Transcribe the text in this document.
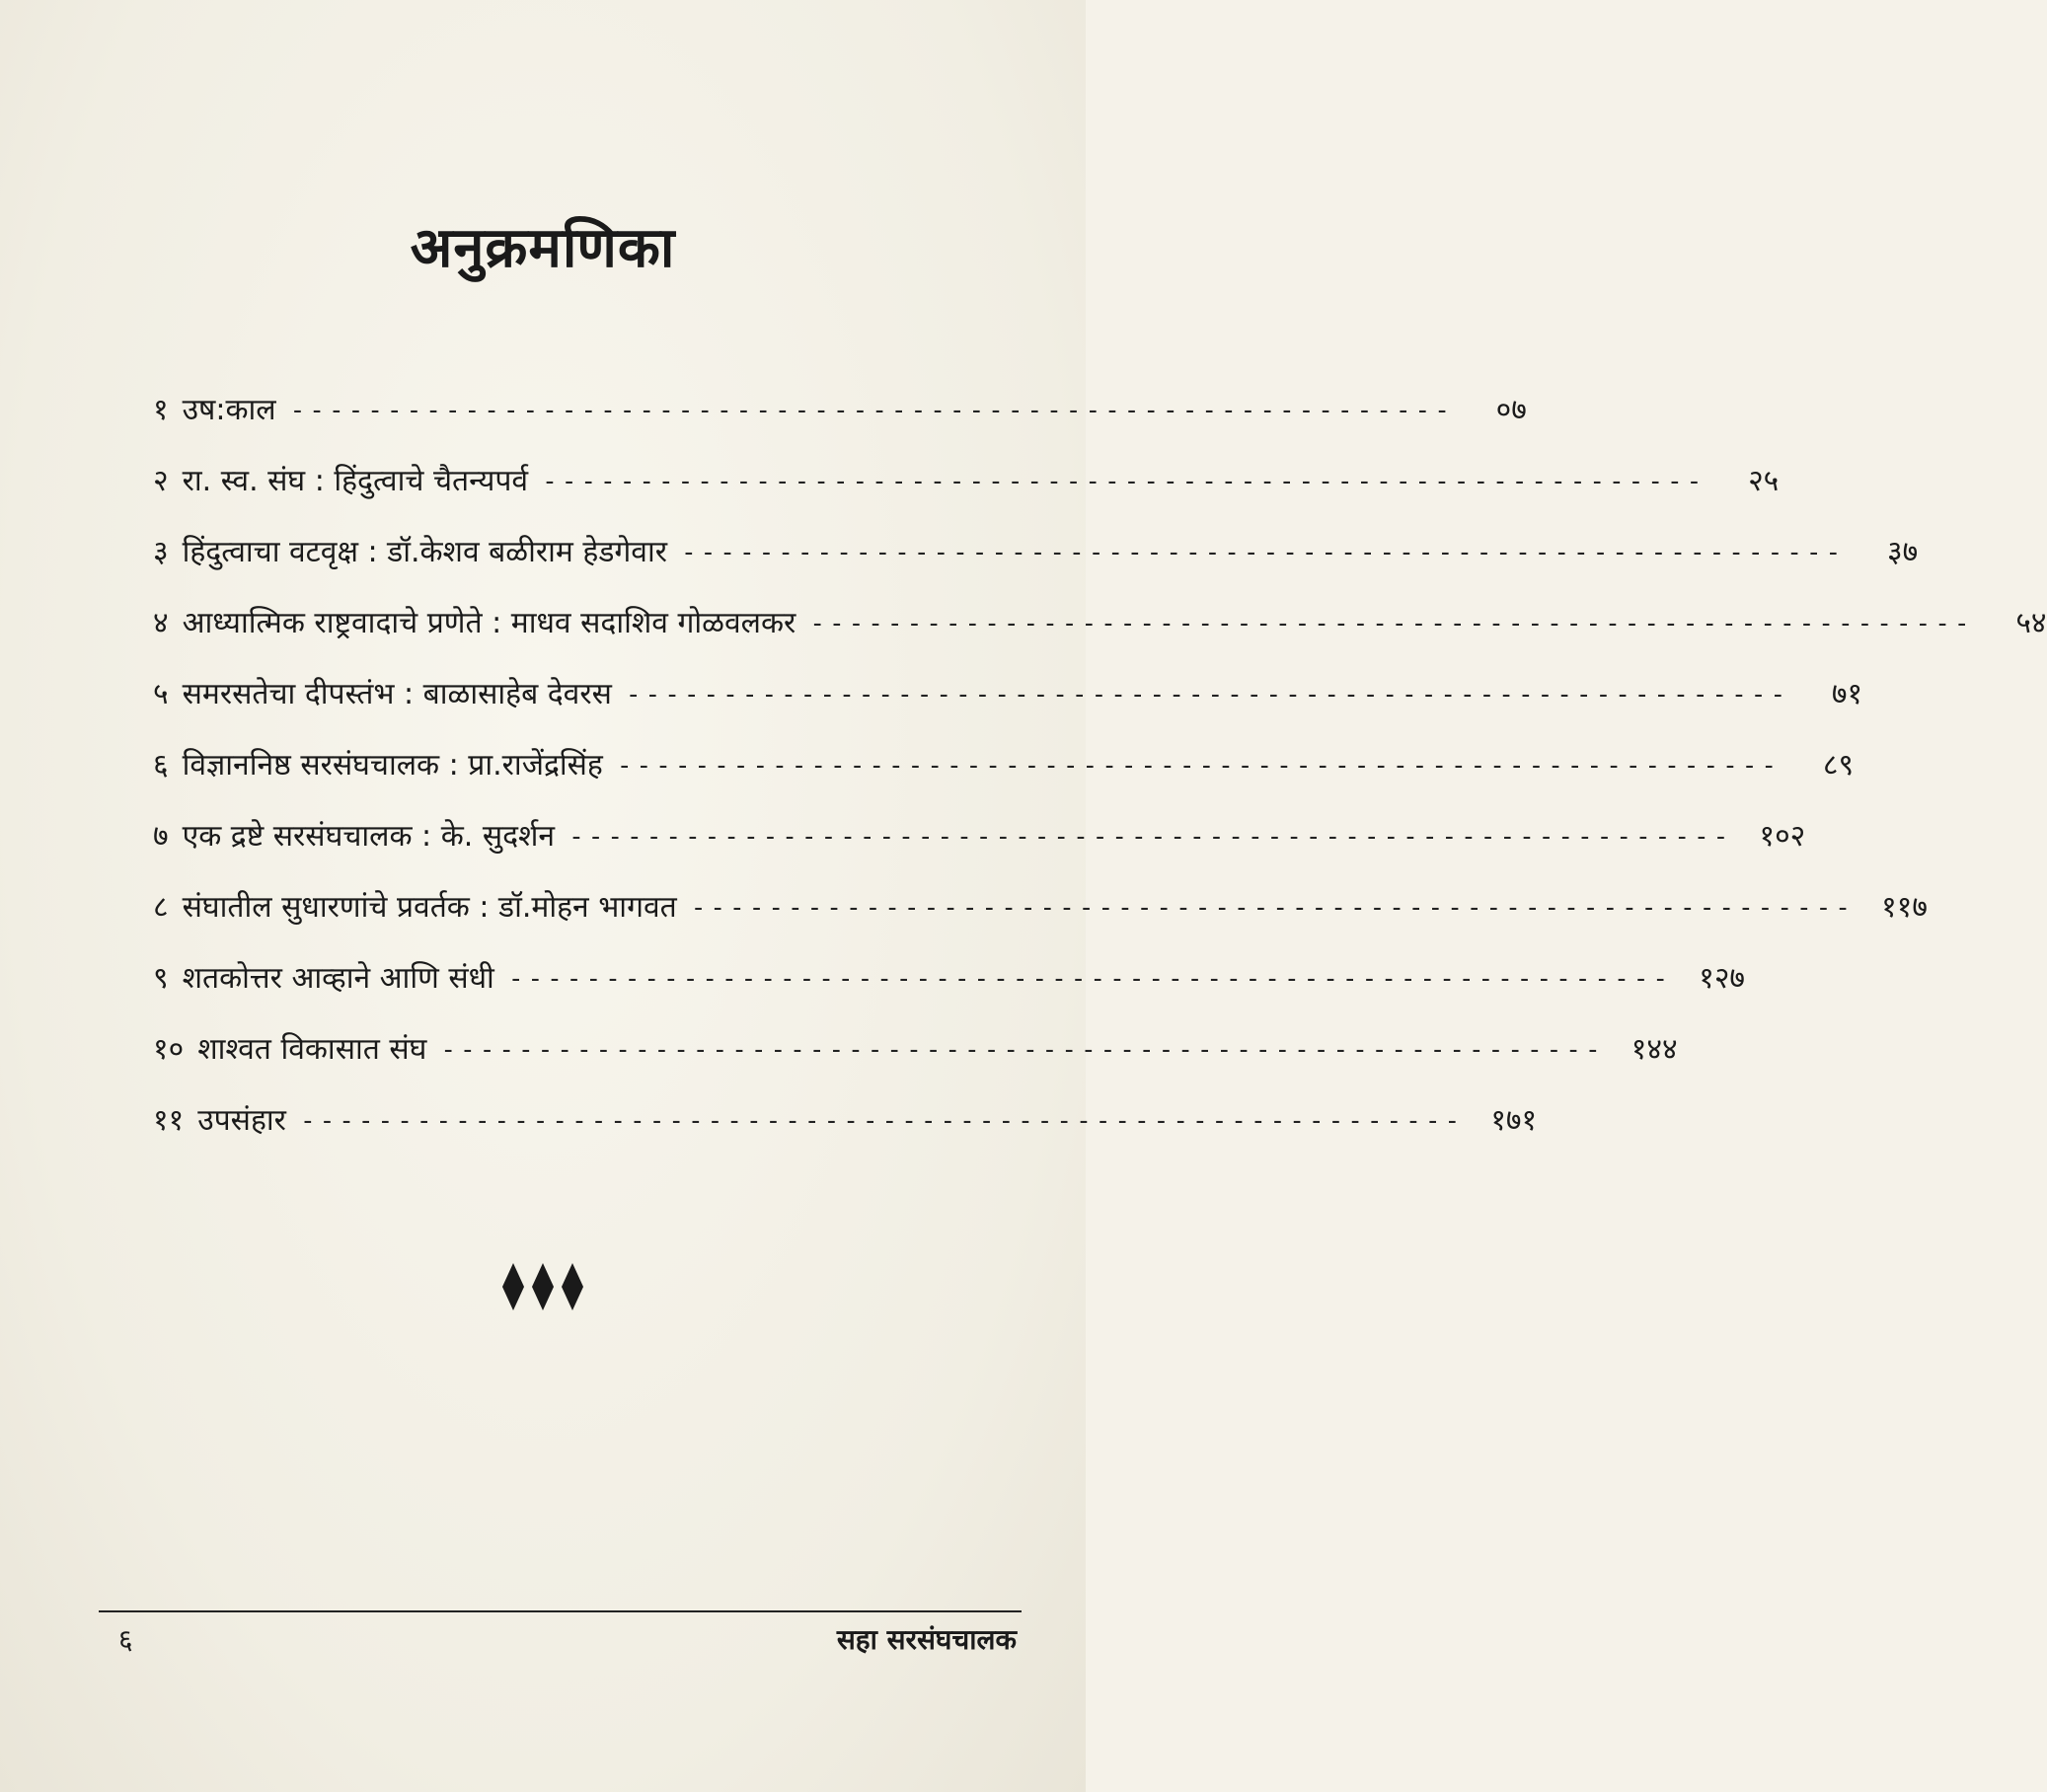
अनुक्रमणिका
१ उष:काल ------------------------------------------------------------	०७
२ रा. स्व. संघ : हिंदुत्वाचे चैतन्यपर्व ------------------------------------------------------------	२५
३ हिंदुत्वाचा वटवृक्ष : डॉ.केशव बळीराम हेडगेवार ------------------------------------------------------------	३७
४ आध्यात्मिक राष्ट्रवादाचे प्रणेते : माधव सदाशिव गोळवलकर ------------------------------------------------------------	५४
५ समरसतेचा दीपस्तंभ : बाळासाहेब देवरस ------------------------------------------------------------	७१
६ विज्ञाननिष्ठ सरसंघचालक : प्रा.राजेंद्रसिंह ------------------------------------------------------------	८९
७ एक द्रष्टे सरसंघचालक : के. सुदर्शन ------------------------------------------------------------ १०२
८ संघातील सुधारणांचे प्रवर्तक : डॉ.मोहन भागवत ------------------------------------------------------------ ११७
९ शतकोत्तर आव्हाने आणि संधी ------------------------------------------------------------ १२७
१० शाश्वत विकासात संघ ------------------------------------------------------------ १४४
११ उपसंहार ------------------------------------------------------------ १७१
६	सहा सरसंघचालक
